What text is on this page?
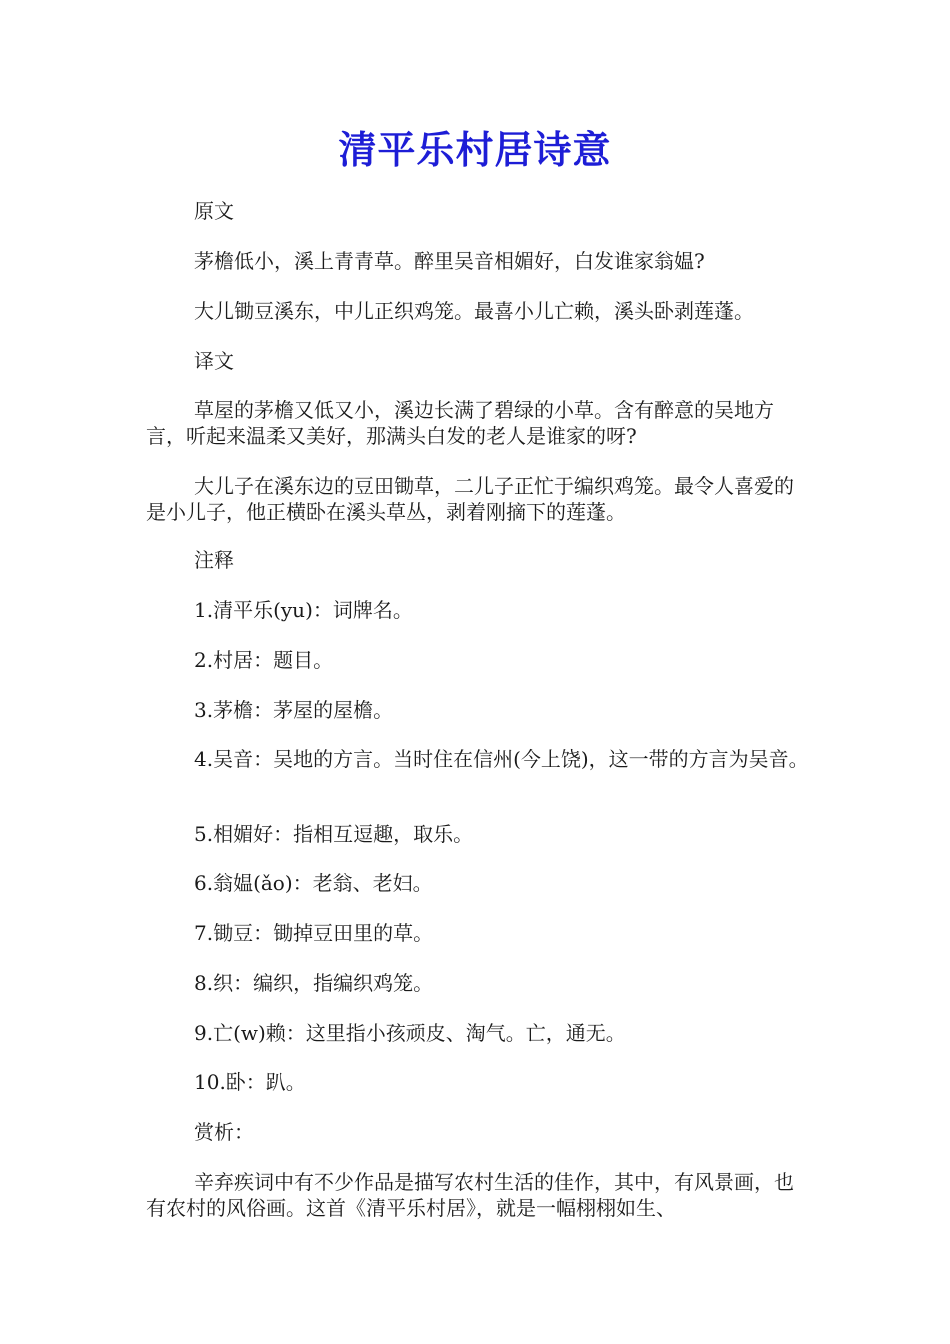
清平乐村居诗意

原文

茅檐低小，溪上青青草。醉里吴音相媚好，白发谁家翁媪?

大儿锄豆溪东，中儿正织鸡笼。最喜小儿亡赖，溪头卧剥莲蓬。

译文

草屋的茅檐又低又小，溪边长满了碧绿的小草。含有醉意的吴地方言，听起来温柔又美好，那满头白发的老人是谁家的呀?

大儿子在溪东边的豆田锄草，二儿子正忙于编织鸡笼。最令人喜爱的是小儿子，他正横卧在溪头草丛，剥着刚摘下的莲蓬。

注释

1.清平乐(yu)：词牌名。

2.村居：题目。

3.茅檐：茅屋的屋檐。

4.吴音：吴地的方言。当时住在信州(今上饶)，这一带的方言为吴音。

5.相媚好：指相互逗趣，取乐。

6.翁媪(ǎo)：老翁、老妇。

7.锄豆：锄掉豆田里的草。

8.织：编织，指编织鸡笼。

9.亡(w)赖：这里指小孩顽皮、淘气。亡，通无。

10.卧：趴。

赏析：

辛弃疾词中有不少作品是描写农村生活的佳作，其中，有风景画，也有农村的风俗画。这首《清平乐村居》，就是一幅栩栩如生、
